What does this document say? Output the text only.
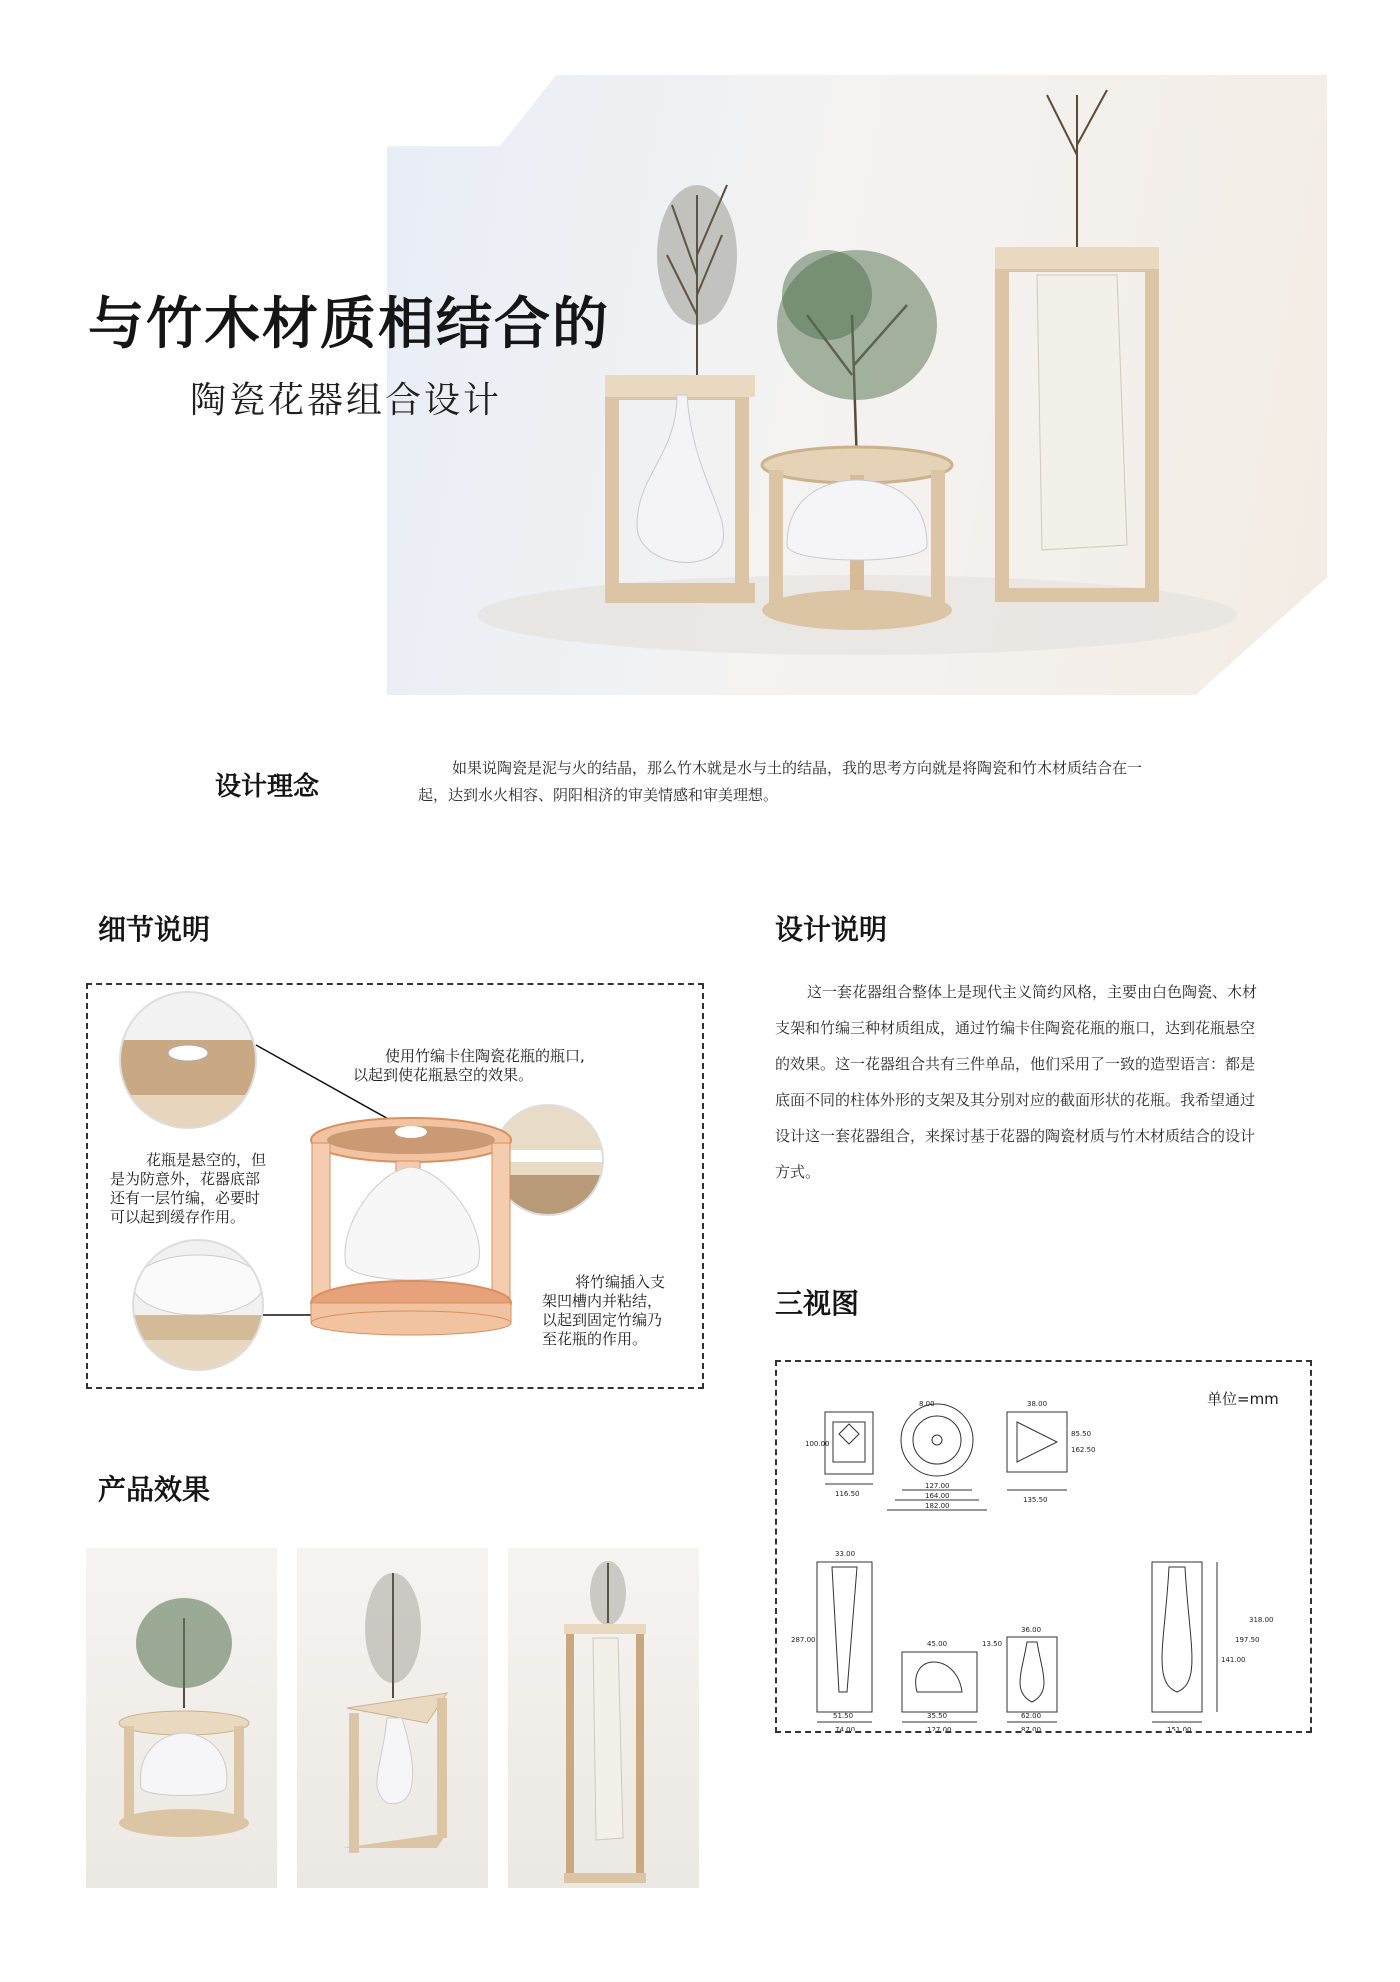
与竹木材质相结合的
陶瓷花器组合设计
设计理念
如果说陶瓷是泥与火的结晶，那么竹木就是水与土的结晶，我的思考方向就是将陶瓷和竹木材质结合在一
起，达到水火相容、阴阳相济的审美情感和审美理想。
细节说明
使用竹编卡住陶瓷花瓶的瓶口,
以起到使花瓶悬空的效果。
花瓶是悬空的，但
是为防意外，花器底部
还有一层竹编，必要时
可以起到缓存作用。
将竹编插入支
架凹槽内并粘结，
以起到固定竹编乃
至花瓶的作用。
设计说明
这一套花器组合整体上是现代主义简约风格，主要由白色陶瓷、木材
支架和竹编三种材质组成，通过竹编卡住陶瓷花瓶的瓶口，达到花瓶悬空
的效果。这一花器组合共有三件单品，他们采用了一致的造型语言：都是
底面不同的柱体外形的支架及其分别对应的截面形状的花瓶。我希望通过
设计这一套花器组合，来探讨基于花器的陶瓷材质与竹木材质结合的设计
方式。
三视图
单位=mm
8.00	38.00
100.00
116.50
127.00
164.00
182.00
85.50
162.50
135.50
33.00
287.00
51.50
74.00
45.00	13.50
35.50
127.00
36.00
62.00
87.00
141.00
197.50
318.00
151.00
产品效果
